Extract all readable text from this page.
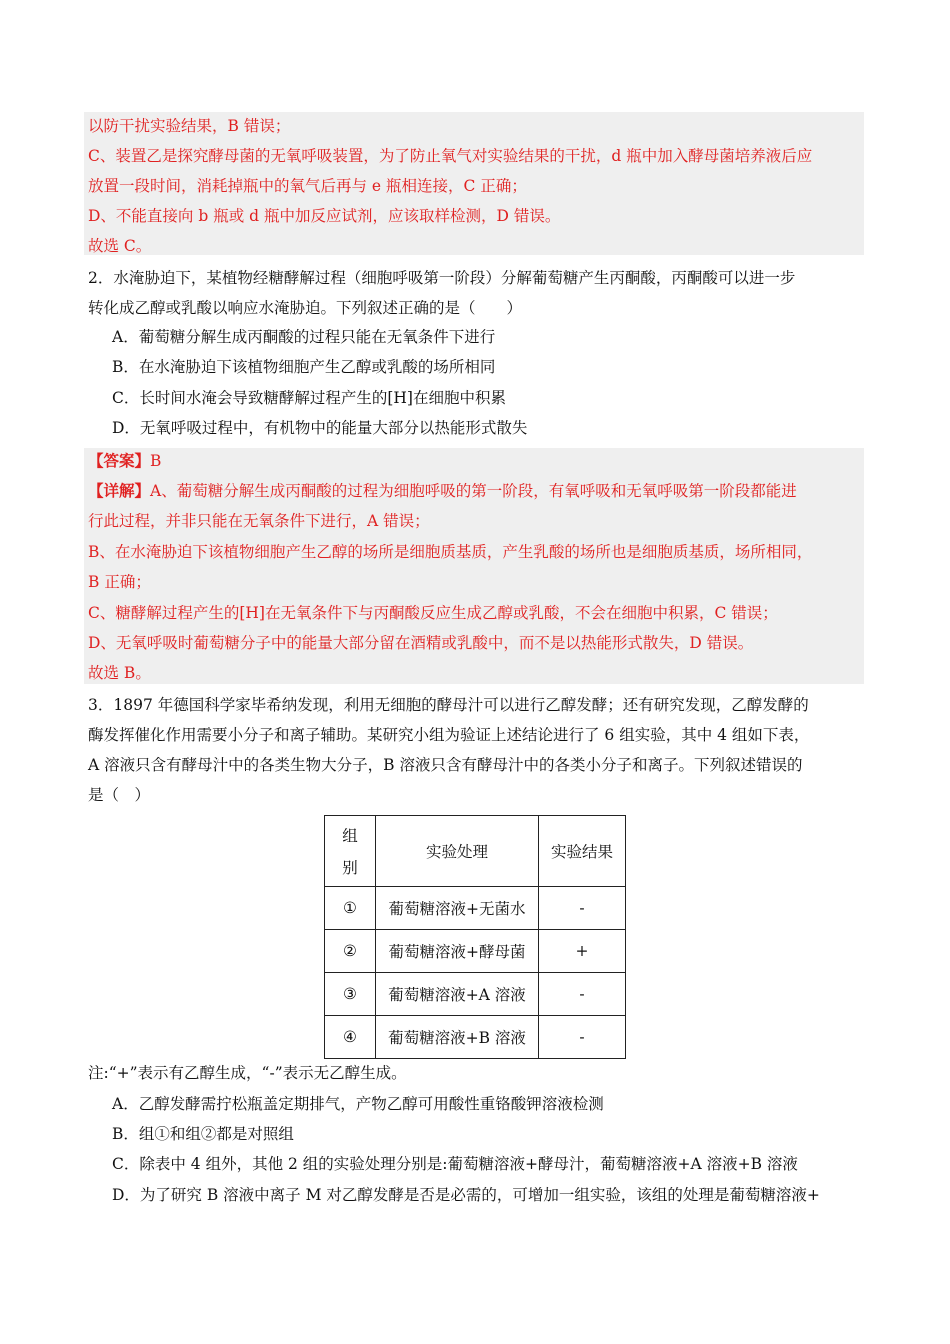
以防干扰实验结果，B 错误；
C、装置乙是探究酵母菌的无氧呼吸装置，为了防止氧气对实验结果的干扰，d 瓶中加入酵母菌培养液后应
放置一段时间，消耗掉瓶中的氧气后再与 e 瓶相连接，C 正确；
D、不能直接向 b 瓶或 d 瓶中加反应试剂，应该取样检测，D 错误。
故选 C。
2．水淹胁迫下，某植物经糖酵解过程（细胞呼吸第一阶段）分解葡萄糖产生丙酮酸，丙酮酸可以进一步
转化成乙醇或乳酸以响应水淹胁迫。下列叙述正确的是（　　）
A．葡萄糖分解生成丙酮酸的过程只能在无氧条件下进行
B．在水淹胁迫下该植物细胞产生乙醇或乳酸的场所相同
C．长时间水淹会导致糖酵解过程产生的[H]在细胞中积累
D．无氧呼吸过程中，有机物中的能量大部分以热能形式散失
【答案】B
【详解】A、葡萄糖分解生成丙酮酸的过程为细胞呼吸的第一阶段，有氧呼吸和无氧呼吸第一阶段都能进
行此过程，并非只能在无氧条件下进行，A 错误；
B、在水淹胁迫下该植物细胞产生乙醇的场所是细胞质基质，产生乳酸的场所也是细胞质基质，场所相同，
B 正确；
C、糖酵解过程产生的[H]在无氧条件下与丙酮酸反应生成乙醇或乳酸，不会在细胞中积累，C 错误；
D、无氧呼吸时葡萄糖分子中的能量大部分留在酒精或乳酸中，而不是以热能形式散失，D 错误。
故选 B。
3．1897 年德国科学家毕希纳发现，利用无细胞的酵母汁可以进行乙醇发酵；还有研究发现，乙醇发酵的
酶发挥催化作用需要小分子和离子辅助。某研究小组为验证上述结论进行了 6 组实验，其中 4 组如下表，
A 溶液只含有酵母汁中的各类生物大分子，B 溶液只含有酵母汁中的各类小分子和离子。下列叙述错误的
是（　）
组
别	实验处理	实验结果
①	葡萄糖溶液+无菌水	-
②	葡萄糖溶液+酵母菌	+
③	葡萄糖溶液+A 溶液	-
④	葡萄糖溶液+B 溶液	-
注:“+”表示有乙醇生成，“-”表示无乙醇生成。
A．乙醇发酵需拧松瓶盖定期排气，产物乙醇可用酸性重铬酸钾溶液检测
B．组①和组②都是对照组
C．除表中 4 组外，其他 2 组的实验处理分别是:葡萄糖溶液+酵母汁，葡萄糖溶液+A 溶液+B 溶液
D．为了研究 B 溶液中离子 M 对乙醇发酵是否是必需的，可增加一组实验，该组的处理是葡萄糖溶液+
